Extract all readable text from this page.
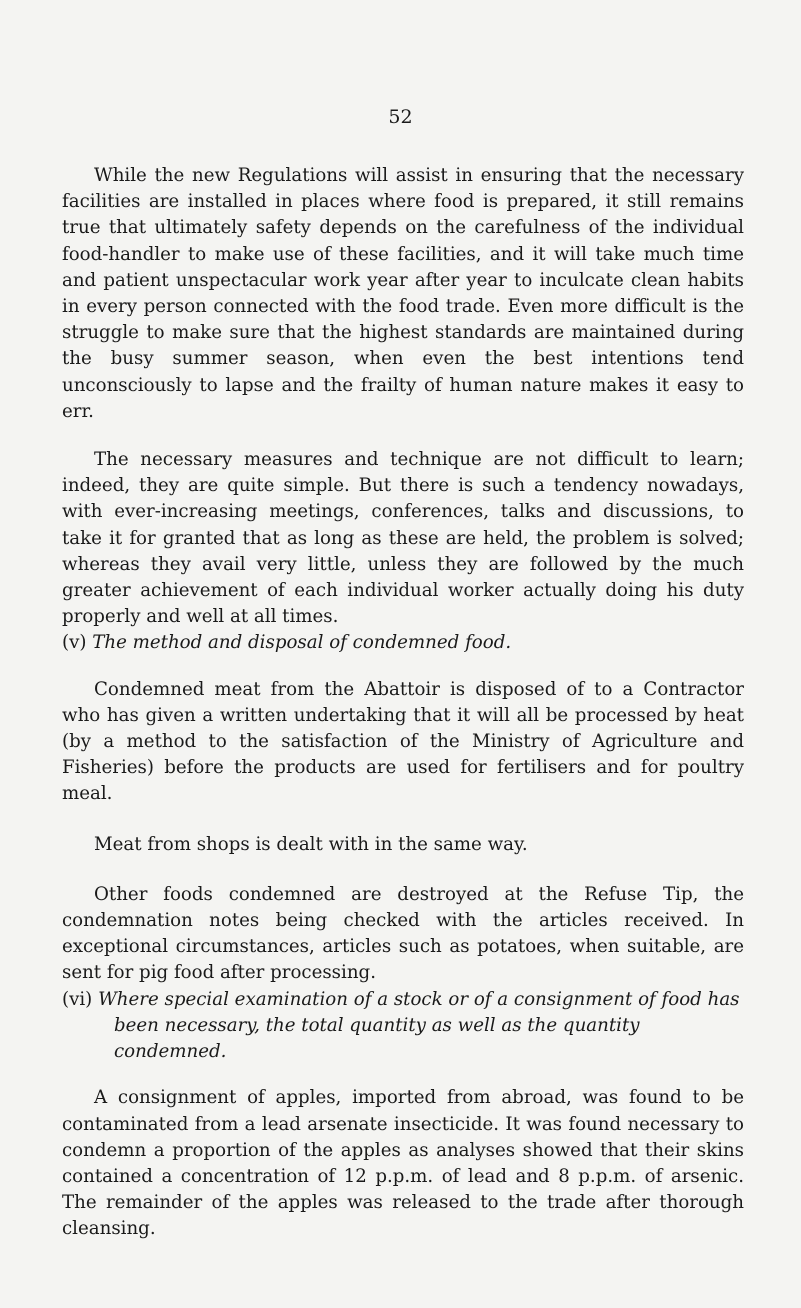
52

While the new Regulations will assist in ensuring that the necessary facilities are installed in places where food is prepared, it still remains true that ultimately safety depends on the carefulness of the individual food-handler to make use of these facilities, and it will take much time and patient unspectacular work year after year to inculcate clean habits in every person connected with the food trade. Even more difficult is the struggle to make sure that the highest standards are maintained during the busy summer season, when even the best intentions tend unconsciously to lapse and the frailty of human nature makes it easy to err.

The necessary measures and technique are not difficult to learn; indeed, they are quite simple. But there is such a tendency nowadays, with ever-increasing meetings, conferences, talks and discussions, to take it for granted that as long as these are held, the problem is solved; whereas they avail very little, unless they are followed by the much greater achievement of each individual worker actually doing his duty properly and well at all times.

(v) The method and disposal of condemned food.

Condemned meat from the Abattoir is disposed of to a Contractor who has given a written undertaking that it will all be processed by heat (by a method to the satisfaction of the Ministry of Agriculture and Fisheries) before the products are used for fertilisers and for poultry meal.

Meat from shops is dealt with in the same way.

Other foods condemned are destroyed at the Refuse Tip, the condemnation notes being checked with the articles received. In exceptional circumstances, articles such as potatoes, when suitable, are sent for pig food after processing.

(vi) Where special examination of a stock or of a consignment of food has been necessary, the total quantity as well as the quantity condemned.

A consignment of apples, imported from abroad, was found to be contaminated from a lead arsenate insecticide. It was found necessary to condemn a proportion of the apples as analyses showed that their skins contained a concentration of 12 p.p.m. of lead and 8 p.p.m. of arsenic. The remainder of the apples was released to the trade after thorough cleansing.
